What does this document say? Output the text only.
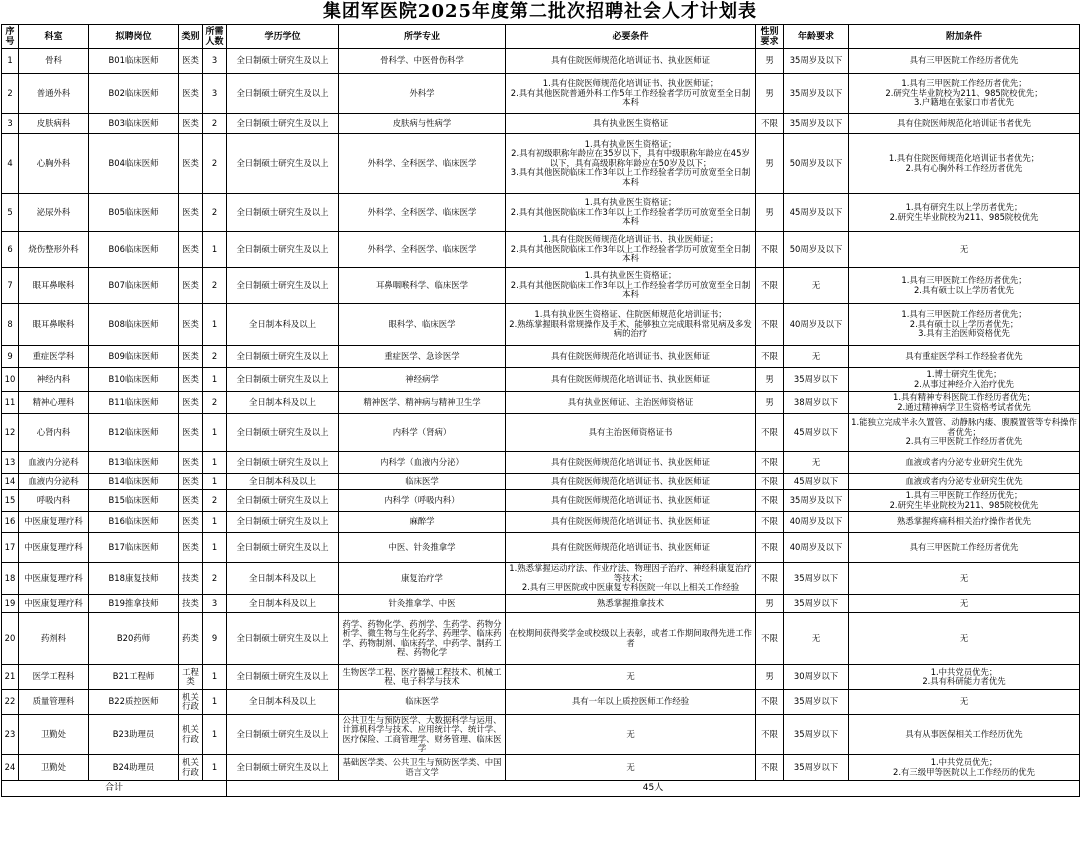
集团军医院2025年度第二批次招聘社会人才计划表
序号	科室	拟聘岗位	类别	所需人数	学历学位	所学专业	必要条件	性别要求	年龄要求	附加条件
1	骨科	B01临床医师	医类	3	全日制硕士研究生及以上	骨科学、中医骨伤科学	具有住院医师规范化培训证书、执业医师证	男	35周岁及以下	具有三甲医院工作经历者优先
2	普通外科	B02临床医师	医类	3	全日制硕士研究生及以上	外科学	1.具有住院医师规范化培训证书、执业医师证；
2.具有其他医院普通外科工作5年工作经验者学历可放宽至全日制本科	男	35周岁及以下	1.具有三甲医院工作经历者优先；
2.研究生毕业院校为211、985院校优先；
3.户籍地在张家口市者优先
3	皮肤病科	B03临床医师	医类	2	全日制硕士研究生及以上	皮肤病与性病学	具有执业医生资格证	不限	35周岁及以下	具有住院医师规范化培训证书者优先
4	心胸外科	B04临床医师	医类	2	全日制硕士研究生及以上	外科学、全科医学、临床医学	1.具有执业医生资格证；
2.具有初级职称年龄应在35岁以下，具有中级职称年龄应在45岁以下，具有高级职称年龄应在50岁及以下；
3.具有其他医院临床工作3年以上工作经验者学历可放宽至全日制本科	男	50周岁及以下	1.具有住院医师规范化培训证书者优先；
2.具有心胸外科工作经历者优先
5	泌尿外科	B05临床医师	医类	2	全日制硕士研究生及以上	外科学、全科医学、临床医学	1.具有执业医生资格证；
2.具有其他医院临床工作3年以上工作经验者学历可放宽至全日制本科	男	45周岁及以下	1.具有研究生以上学历者优先；
2.研究生毕业院校为211、985院校优先
6	烧伤整形外科	B06临床医师	医类	1	全日制硕士研究生及以上	外科学、全科医学、临床医学	1.具有住院医师规范化培训证书、执业医师证；
2.具有其他医院临床工作3年以上工作经验者学历可放宽至全日制本科	不限	50周岁及以下	无
7	眼耳鼻喉科	B07临床医师	医类	2	全日制硕士研究生及以上	耳鼻咽喉科学、临床医学	1.具有执业医生资格证；
2.具有其他医院临床工作3年以上工作经验者学历可放宽至全日制本科	不限	无	1.具有三甲医院工作经历者优先；
2.具有硕士以上学历者优先
8	眼耳鼻喉科	B08临床医师	医类	1	全日制本科及以上	眼科学、临床医学	1.具有执业医生资格证、住院医师规范化培训证书；
2.熟练掌握眼科常规操作及手术、能够独立完成眼科常见病及多发病的治疗	不限	40周岁及以下	1.具有三甲医院工作经历者优先；
2.具有硕士以上学历者优先；
3.具有主治医师资格优先
9	重症医学科	B09临床医师	医类	2	全日制硕士研究生及以上	重症医学、急诊医学	具有住院医师规范化培训证书、执业医师证	不限	无	具有重症医学科工作经验者优先
10	神经内科	B10临床医师	医类	1	全日制硕士研究生及以上	神经病学	具有住院医师规范化培训证书、执业医师证	男	35周岁以下	1.博士研究生优先；
2.从事过神经介入治疗优先
11	精神心理科	B11临床医师	医类	2	全日制本科及以上	精神医学、精神病与精神卫生学	具有执业医师证、主治医师资格证	男	38周岁以下	1.具有精神专科医院工作经历者优先；
2.通过精神病学卫生资格考试者优先
12	心肾内科	B12临床医师	医类	1	全日制硕士研究生及以上	内科学（肾病）	具有主治医师资格证书	不限	45周岁以下	1.能独立完成半永久置管、动静脉内瘘、腹膜置管等专科操作者优先；
2.具有三甲医院工作经历者优先
13	血液内分泌科	B13临床医师	医类	1	全日制硕士研究生及以上	内科学（血液内分泌）	具有住院医师规范化培训证书、执业医师证	不限	无	血液或者内分泌专业研究生优先
14	血液内分泌科	B14临床医师	医类	1	全日制本科及以上	临床医学	具有住院医师规范化培训证书、执业医师证	不限	45周岁以下	血液或者内分泌专业研究生优先
15	呼吸内科	B15临床医师	医类	2	全日制硕士研究生及以上	内科学（呼吸内科）	具有住院医师规范化培训证书、执业医师证	不限	35周岁及以下	1.具有三甲医院工作经历优先；
2.研究生毕业院校为211、985院校优先
16	中医康复理疗科	B16临床医师	医类	1	全日制硕士研究生及以上	麻醉学	具有住院医师规范化培训证书、执业医师证	不限	40周岁及以下	熟悉掌握疼痛科相关治疗操作者优先
17	中医康复理疗科	B17临床医师	医类	1	全日制硕士研究生及以上	中医、针灸推拿学	具有住院医师规范化培训证书、执业医师证	不限	40周岁及以下	具有三甲医院工作经历者优先
18	中医康复理疗科	B18康复技师	技类	2	全日制本科及以上	康复治疗学	1.熟悉掌握运动疗法、作业疗法、物理因子治疗、神经科康复治疗等技术；
2.具有三甲医院或中医康复专科医院一年以上相关工作经验	不限	35周岁以下	无
19	中医康复理疗科	B19推拿技师	技类	3	全日制本科及以上	针灸推拿学、中医	熟悉掌握推拿技术	男	35周岁以下	无
20	药剂科	B20药师	药类	9	全日制硕士研究生及以上	药学、药物化学、药剂学、生药学、药物分析学、微生物与生化药学、药理学、临床药学、药物制剂、临床药学、中药学、制药工程、药物化学	在校期间获得奖学金或校级以上表彰，或者工作期间取得先进工作者	不限	无	无
21	医学工程科	B21工程师	工程类	1	全日制硕士研究生及以上	生物医学工程、医疗器械工程技术、机械工程、电子科学与技术	无	男	30周岁以下	1.中共党员优先；
2.具有科研能力者优先
22	质量管理科	B22质控医师	机关行政	1	全日制本科及以上	临床医学	具有一年以上质控医师工作经验	不限	35周岁以下	无
23	卫勤处	B23助理员	机关行政	1	全日制硕士研究生及以上	公共卫生与预防医学、大数据科学与运用、计算机科学与技术、应用统计学、统计学、医疗保险、工商管理学、财务管理、临床医学	无	不限	35周岁以下	具有从事医保相关工作经历优先
24	卫勤处	B24助理员	机关行政	1	全日制硕士研究生及以上	基础医学类、公共卫生与预防医学类、中国语言文学	无	不限	35周岁以下	1.中共党员优先；
2.有三级甲等医院以上工作经历的优先
合计					45人					
